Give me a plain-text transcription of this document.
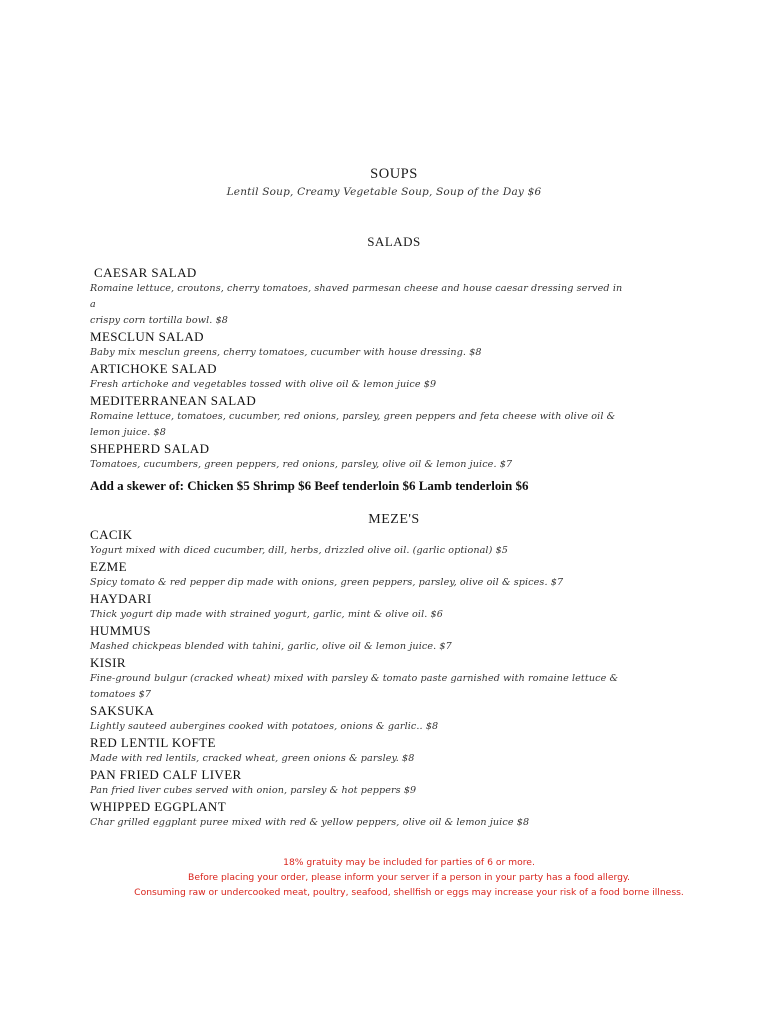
SOUPS
Lentil Soup, Creamy Vegetable Soup, Soup of the Day $6
SALADS
CAESAR SALAD
Romaine lettuce, croutons, cherry tomatoes, shaved parmesan cheese and house caesar dressing served in a
crispy corn tortilla bowl. $8
MESCLUN SALAD
Baby mix mesclun greens, cherry tomatoes, cucumber with house dressing. $8
ARTICHOKE SALAD
Fresh artichoke and vegetables tossed with olive oil & lemon juice $9
MEDITERRANEAN SALAD
Romaine lettuce, tomatoes, cucumber, red onions, parsley, green peppers and feta cheese with olive oil &
lemon juice. $8
SHEPHERD SALAD
Tomatoes, cucumbers, green peppers, red onions, parsley, olive oil & lemon juice. $7
Add a skewer of: Chicken $5 Shrimp $6 Beef tenderloin $6 Lamb tenderloin $6
MEZE'S
CACIK
Yogurt mixed with diced cucumber, dill, herbs, drizzled olive oil. (garlic optional) $5
EZME
Spicy tomato & red pepper dip made with onions, green peppers, parsley, olive oil & spices. $7
HAYDARI
Thick yogurt dip made with strained yogurt, garlic, mint & olive oil. $6
HUMMUS
Mashed chickpeas blended with tahini, garlic, olive oil & lemon juice. $7
KISIR
Fine-ground bulgur (cracked wheat) mixed with parsley & tomato paste garnished with romaine lettuce &
tomatoes $7
SAKSUKA
Lightly sauteed aubergines cooked with potatoes, onions & garlic.. $8
RED LENTIL KOFTE
Made with red lentils, cracked wheat, green onions & parsley. $8
PAN FRIED CALF LIVER
Pan fried liver cubes served with onion, parsley & hot peppers $9
WHIPPED EGGPLANT
Char grilled eggplant puree mixed with red & yellow peppers, olive oil & lemon juice $8
18% gratuity may be included for parties of 6 or more.
Before placing your order, please inform your server if a person in your party has a food allergy.
Consuming raw or undercooked meat, poultry, seafood, shellfish or eggs may increase your risk of a food borne illness.
